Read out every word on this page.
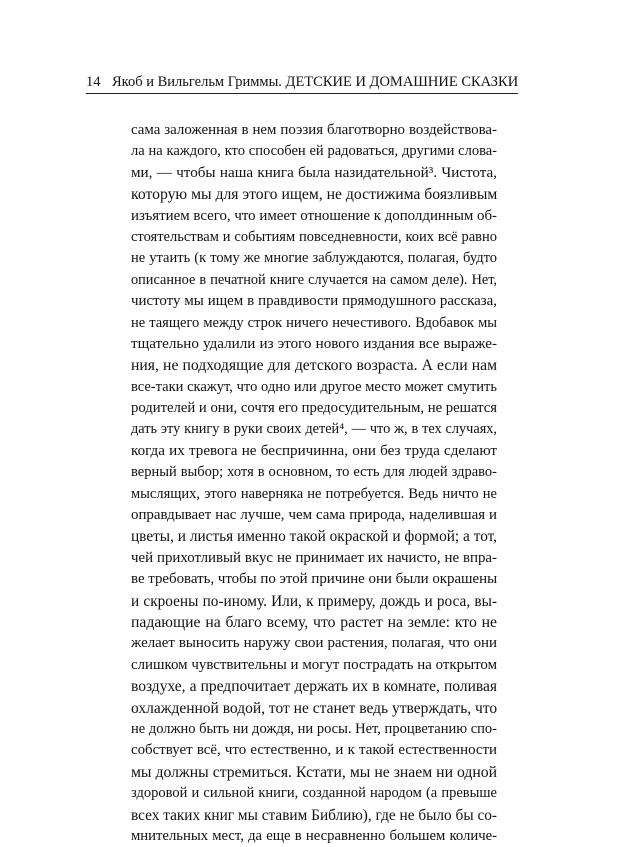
14 Якоб и Вильгельм Гриммы. ДЕТСКИЕ И ДОМАШНИЕ СКАЗКИ
сама заложенная в нем поэзия благотворно воздействова-
ла на каждого, кто способен ей радоваться, другими слова-
ми, — чтобы наша книга была назидательной³. Чистота,
которую мы для этого ищем, не достижима боязливым
изъятием всего, что имеет отношение к дополдинным об-
стоятельствам и событиям повседневности, коих всё равно
не утаить (к тому же многие заблуждаются, полагая, будто
описанное в печатной книге случается на самом деле). Нет,
чистоту мы ищем в правдивости прямодушного рассказа,
не таящего между строк ничего нечестивого. Вдобавок мы
тщательно удалили из этого нового издания все выраже-
ния, не подходящие для детского возраста. А если нам
все-таки скажут, что одно или другое место может смутить
родителей и они, сочтя его предосудительным, не решатся
дать эту книгу в руки своих детей⁴, — что ж, в тех случаях,
когда их тревога не беспричинна, они без труда сделают
верный выбор; хотя в основном, то есть для людей здраво-
мыслящих, этого наверняка не потребуется. Ведь ничто не
оправдывает нас лучше, чем сама природа, наделившая и
цветы, и листья именно такой окраской и формой; а тот,
чей прихотливый вкус не принимает их начисто, не впра-
ве требовать, чтобы по этой причине они были окрашены
и скроены по-иному. Или, к примеру, дождь и роса, вы-
падающие на благо всему, что растет на земле: кто не
желает выносить наружу свои растения, полагая, что они
слишком чувствительны и могут пострадать на открытом
воздухе, а предпочитает держать их в комнате, поливая
охлажденной водой, тот не станет ведь утверждать, что
не должно быть ни дождя, ни росы. Нет, процветанию спо-
собствует всё, что естественно, и к такой естественности
мы должны стремиться. Кстати, мы не знаем ни одной
здоровой и сильной книги, созданной народом (а превыше
всех таких книг мы ставим Библию), где не было бы со-
мнительных мест, да еще в несравненно большем количе-
